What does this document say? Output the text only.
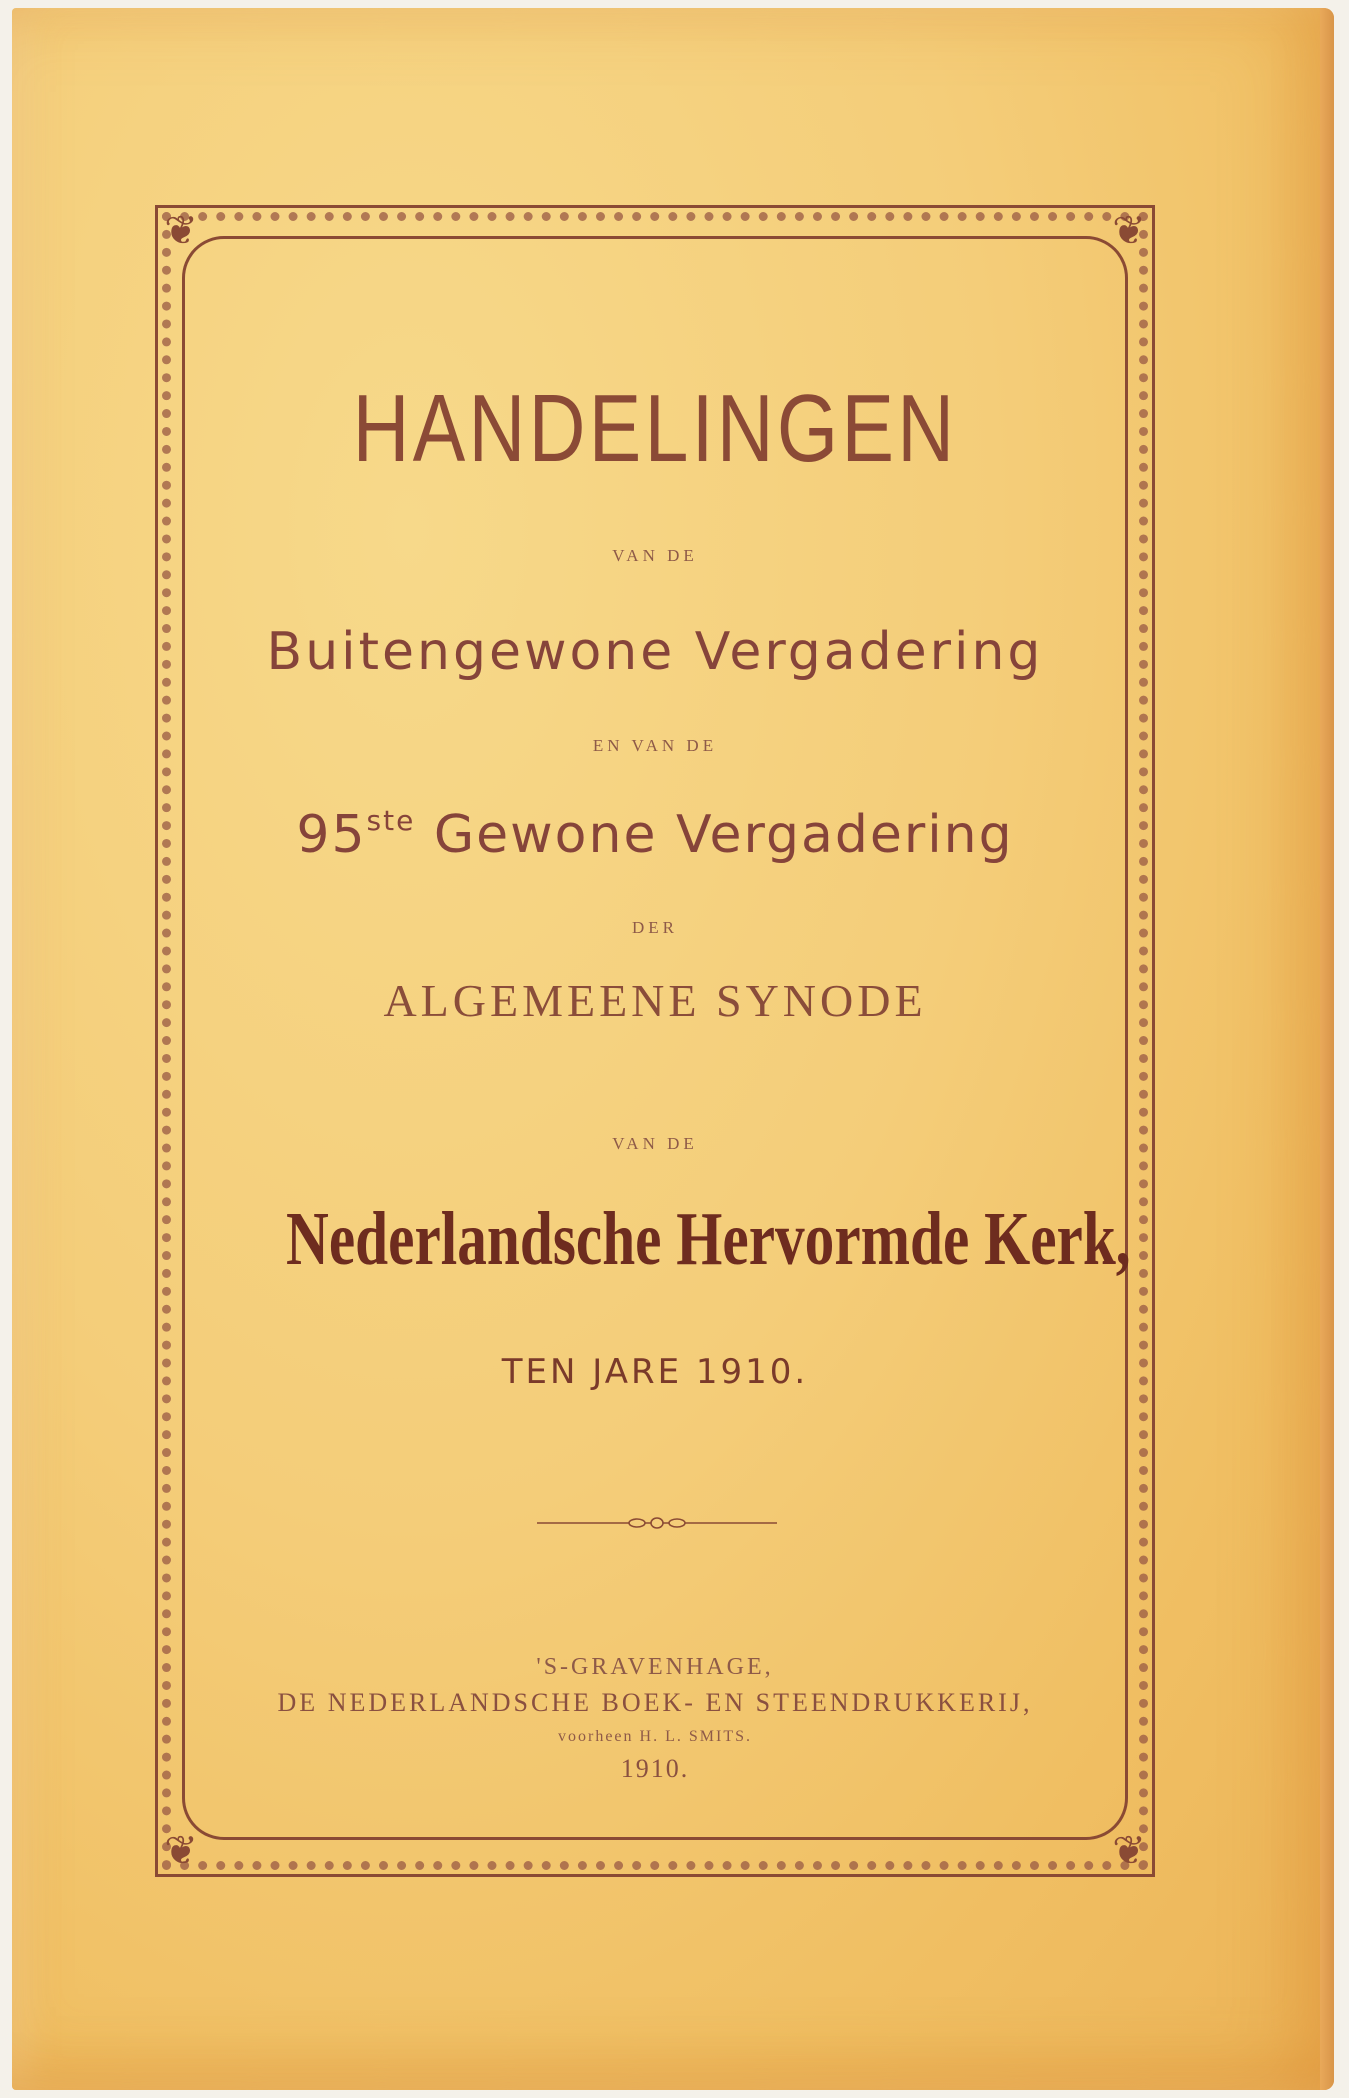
❦	❦
❦	❦
HANDELINGEN
VAN DE
Buitengewone Vergadering
EN VAN DE
95ste Gewone Vergadering
DER
ALGEMEENE SYNODE
VAN DE
Nederlandsche Hervormde Kerk,
TEN JARE 1910.
'S-GRAVENHAGE,
DE NEDERLANDSCHE BOEK- EN STEENDRUKKERIJ,
voorheen H. L. SMITS.
1910.
